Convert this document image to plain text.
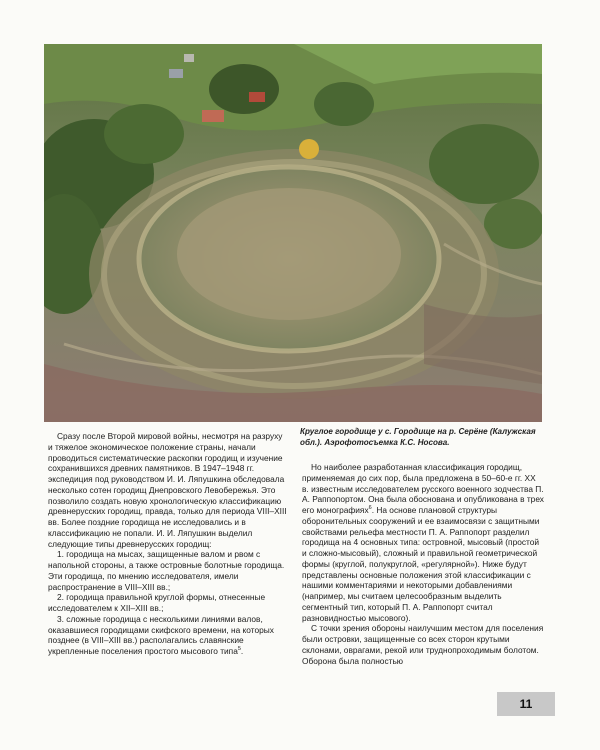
Круглое городище у с. Городище на р. Серёне (Калужская обл.). Аэрофотосъемка К.С. Носова.

Сразу после Второй мировой войны, несмотря на разруху и тяжелое экономическое положение страны, начали проводиться систематические раскопки городищ и изучение сохранившихся древних памятников. В 1947–1948 гг. экспедиция под руководством И. И. Ляпушкина обследовала несколько сотен городищ Днепровского Левобережья. Это позволило создать новую хронологическую классификацию древнерусских городищ, правда, только для периода VIII–XIII вв. Более поздние городища не исследовались и в классификацию не попали. И. И. Ляпушкин выделил следующие типы древнерусских городищ:

1. городища на мысах, защищенные валом и рвом с напольной стороны, а также островные болотные городища. Эти городища, по мнению исследователя, имели распространение в VIII–XIII вв.;

2. городища правильной круглой формы, отнесенные исследователем к XII–XIII вв.;

3. сложные городища с несколькими линиями валов, оказавшиеся городищами скифского времени, на которых позднее (в VIII–XIII вв.) располагались славянские укрепленные поселения простого мысового типа$^5$.

Но наиболее разработанная классификация городищ, применяемая до сих пор, была предложена в 50–60-е гг. XX в. известным исследователем русского военного зодчества П. А. Раппопортом. Она была обоснована и опубликована в трех его монографиях$^6$. На основе плановой структуры оборонительных сооружений и ее взаимосвязи с защитными свойствами рельефа местности П. А. Раппопорт разделил городища на 4 основных типа: островной, мысовый (простой и сложно-мысовый), сложный и правильной геометрической формы (круглой, полукруглой, «регулярной»). Ниже будут представлены основные положения этой классификации с нашими комментариями и некоторыми добавлениями (например, мы считаем целесообразным выделить сегментный тип, который П. А. Раппопорт считал разновидностью мысового).

С точки зрения обороны наилучшим местом для поселения были островки, защищенные со всех сторон крутыми склонами, оврагами, рекой или труднопроходимым болотом. Оборона была полностью

11
